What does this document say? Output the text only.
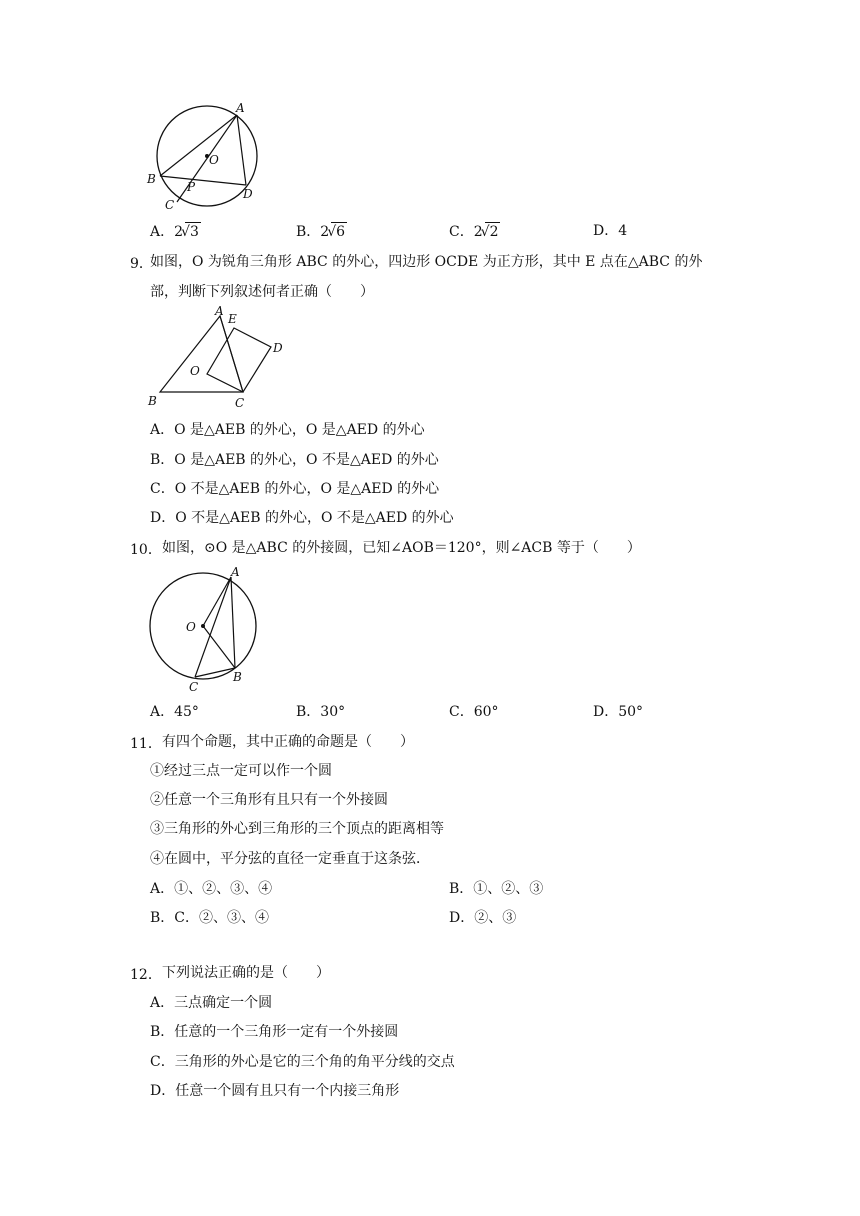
A
O
B
P
C
D
A．2√3	B．2√6	C．2√2	D．4
9．
如图，O 为锐角三角形 ABC 的外心，四边形 OCDE 为正方形，其中 E 点在△ABC 的外
部，判断下列叙述何者正确（　　）
A
E
D
O
B	C
A．O 是△AEB 的外心，O 是△AED 的外心
B．O 是△AEB 的外心，O 不是△AED 的外心
C．O 不是△AEB 的外心，O 是△AED 的外心
D．O 不是△AEB 的外心，O 不是△AED 的外心
10． 如图，⊙O 是△ABC 的外接圆，已知∠AOB＝120°，则∠ACB 等于（　　）
A
O
C
B
A．45°	B．30°	C．60°	D．50°
11． 有四个命题，其中正确的命题是（　　）
①经过三点一定可以作一个圆
②任意一个三角形有且只有一个外接圆
③三角形的外心到三角形的三个顶点的距离相等
④在圆中，平分弦的直径一定垂直于这条弦．
A．①、②、③、④	B．①、②、③
B．C．②、③、④	D．②、③
12． 下列说法正确的是（　　）
A．三点确定一个圆
B．任意的一个三角形一定有一个外接圆
C．三角形的外心是它的三个角的角平分线的交点
D．任意一个圆有且只有一个内接三角形
